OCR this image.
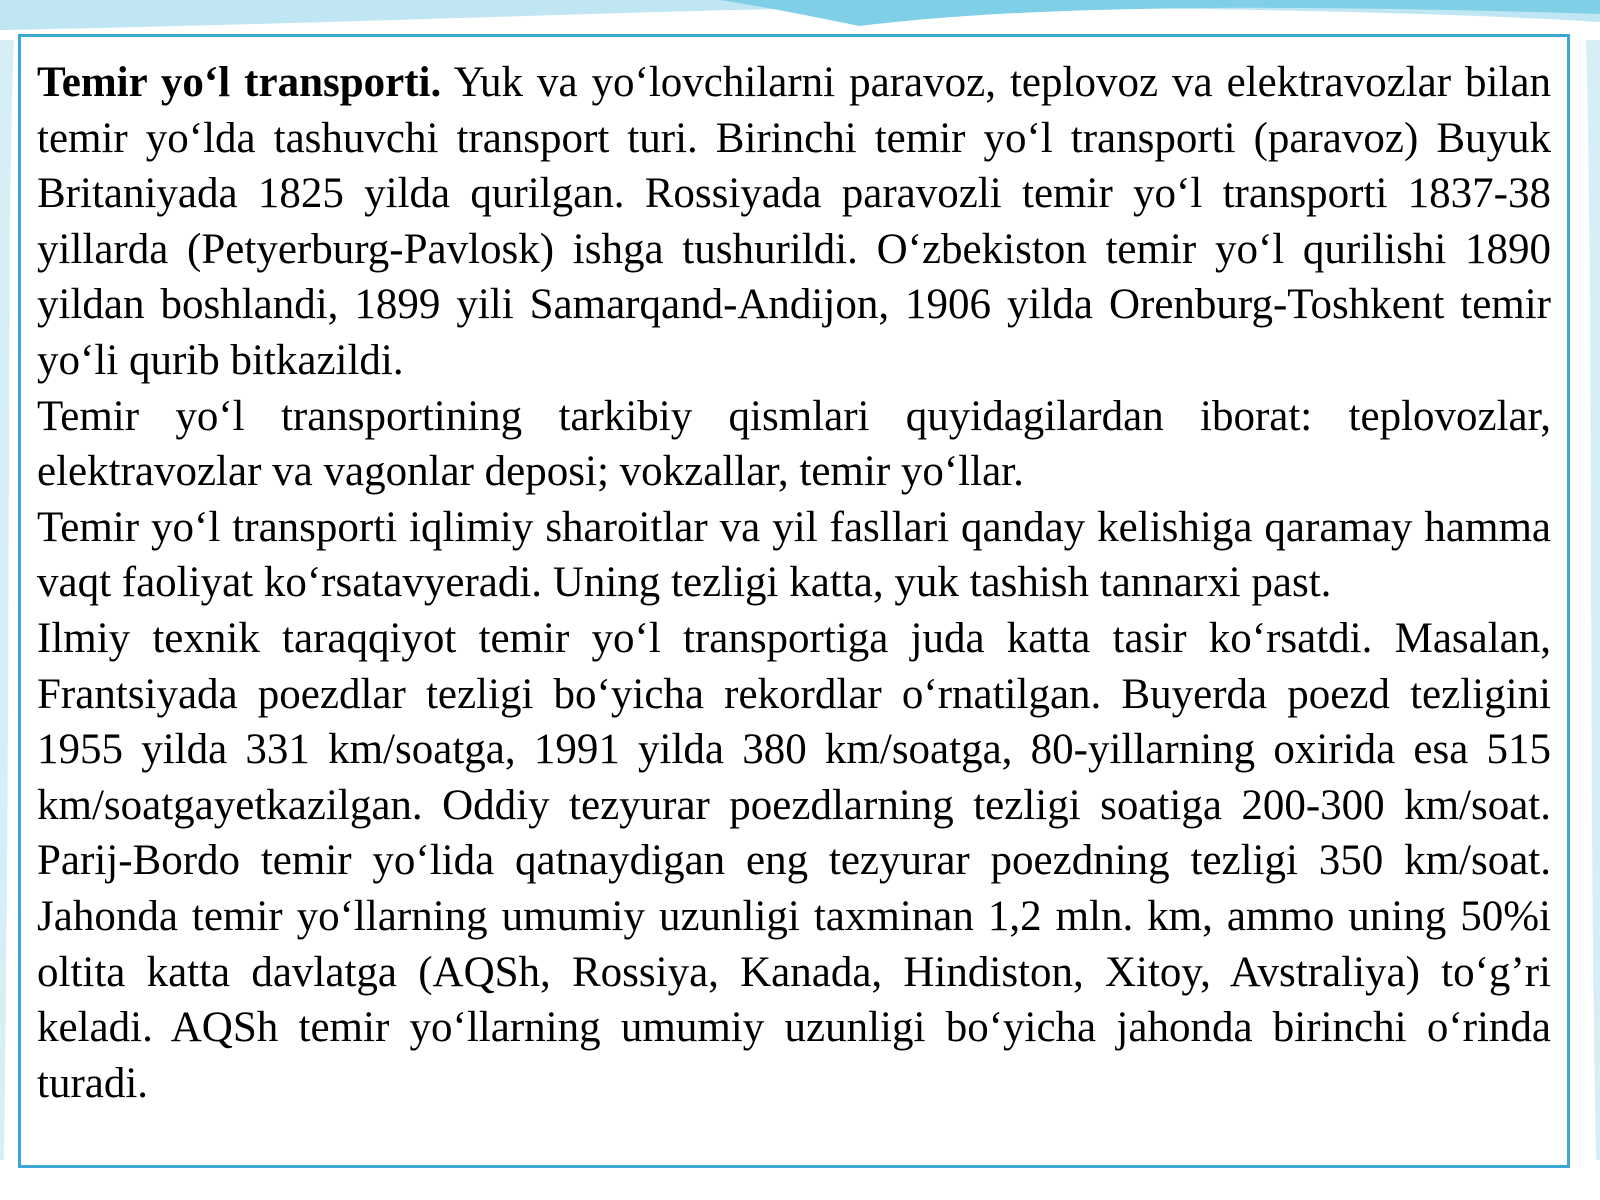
Temir yo‘l transporti. Yuk va yo‘lovchilarni paravoz, teplovoz va elektravozlar bilan temir yo‘lda tashuvchi transport turi. Birinchi temir yo‘l transporti (paravoz) Buyuk Britaniyada 1825 yilda qurilgan. Rossiyada paravozli temir yo‘l transporti 1837-38 yillarda (Petyerburg-Pavlosk) ishga tushurildi. O‘zbekiston temir yo‘l qurilishi 1890 yildan boshlandi, 1899 yili Samarqand-Andijon, 1906 yilda Orenburg-Toshkent temir yo‘li qurib bitkazildi.

Temir yo‘l transportining tarkibiy qismlari quyidagilardan iborat: teplovozlar, elektravozlar va vagonlar deposi; vokzallar, temir yo‘llar.

Temir yo‘l transporti iqlimiy sharoitlar va yil fasllari qanday kelishiga qaramay hamma vaqt faoliyat ko‘rsatavyeradi. Uning tezligi katta, yuk tashish tannarxi past.

Ilmiy texnik taraqqiyot temir yo‘l transportiga juda katta tasir ko‘rsatdi. Masalan, Frantsiyada poezdlar tezligi bo‘yicha rekordlar o‘rnatilgan. Buyerda poezd tezligini 1955 yilda 331 km/soatga, 1991 yilda 380 km/soatga, 80-yillarning oxirida esa 515 km/soatgayetkazilgan. Oddiy tezyurar poezdlarning tezligi soatiga 200-300 km/soat. Parij-Bordo temir yo‘lida qatnaydigan eng tezyurar poezdning tezligi 350 km/soat. Jahonda temir yo‘llarning umumiy uzunligi taxminan 1,2 mln. km, ammo uning 50%i oltita katta davlatga (AQSh, Rossiya, Kanada, Hindiston, Xitoy, Avstraliya) to‘g’ri keladi. AQSh temir yo‘llarning umumiy uzunligi bo‘yicha jahonda birinchi o‘rinda turadi.
